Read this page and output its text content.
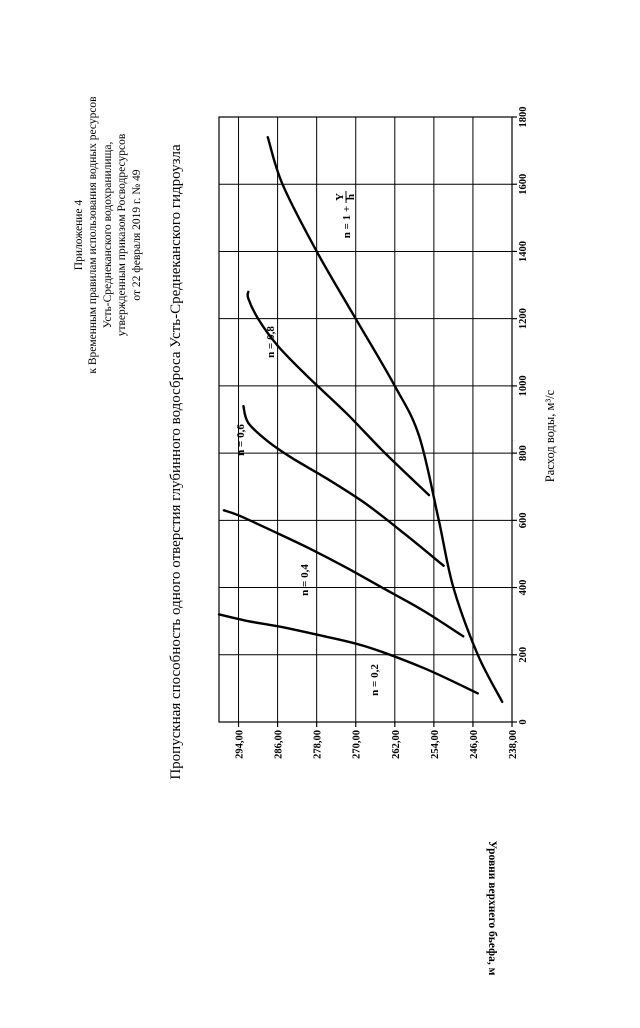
Приложение 4 к Временным правилам использования водных ресурсов Усть-Среднеканского водохранилища, утвержденным приказом Росводресурсов от 22 февраля 2019 г. № 49 Пропускная способность одного отверстия глубинного водосброса Усть-Среднеканского гидроузла	Расход воды, м³/с
Уровни верхнего бьефа, м
0
200
400
600
800
1000
1200
1400
1600
1800
238,00
246,00
254,00
262,00
270,00
278,00
286,00
294,00
n = 0,2
n = 0,4
n = 0,6
n = 0,8
n = 1 +
Y h
